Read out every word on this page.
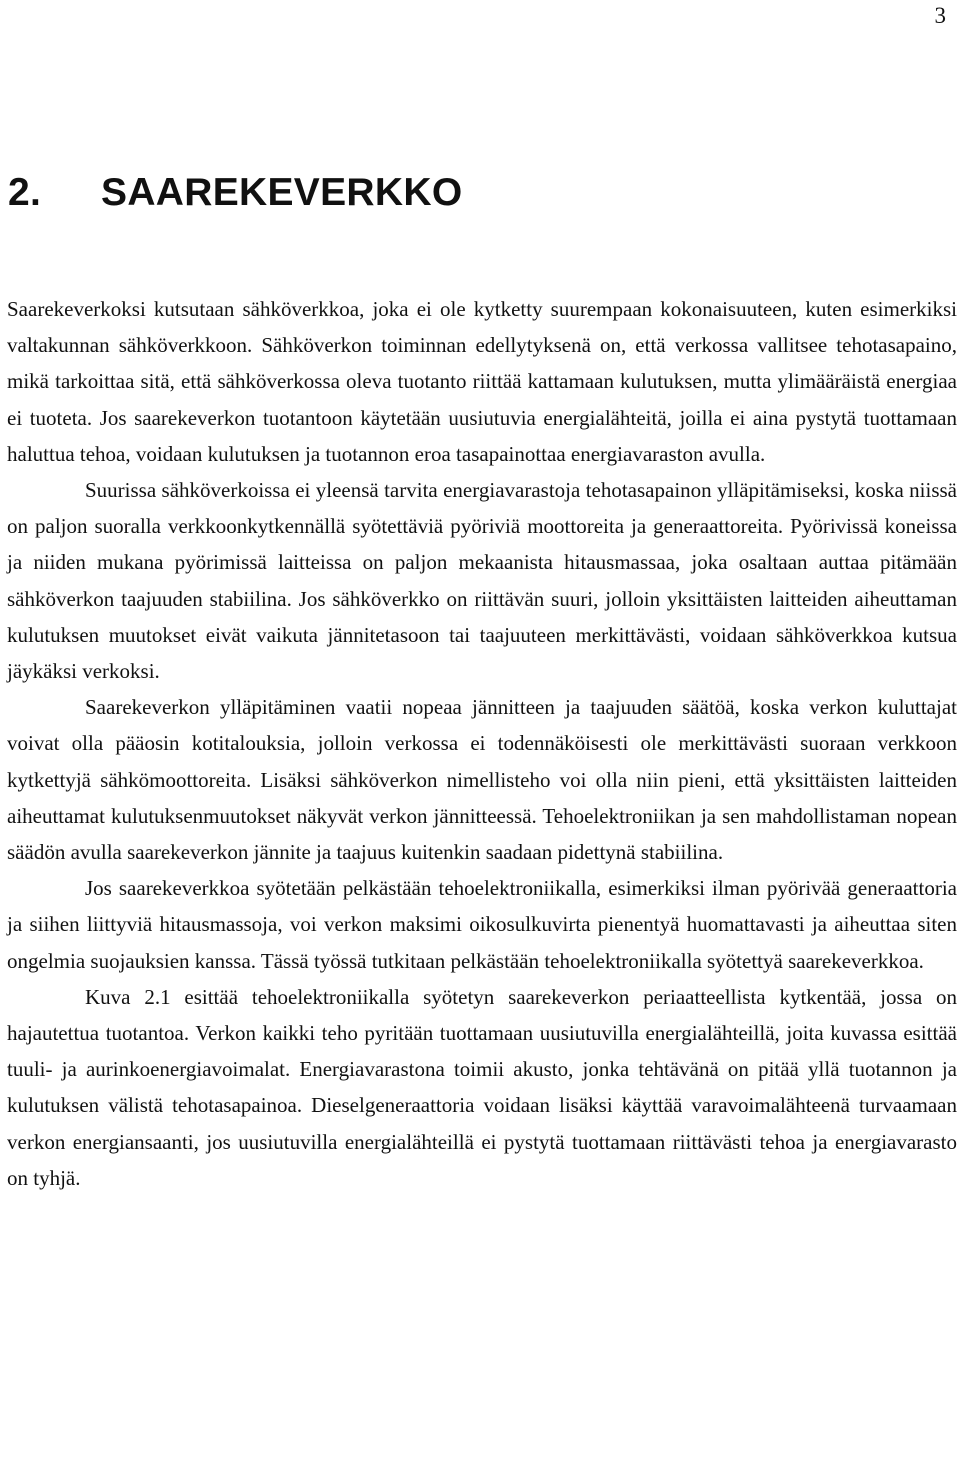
3
2. SAAREKEVERKKO

Saarekeverkoksi kutsutaan sähköverkkoa, joka ei ole kytketty suurempaan kokonaisuuteen, kuten esimerkiksi valtakunnan sähköverkkoon. Sähköverkon toiminnan edellytyksenä on, että verkossa vallitsee tehotasapaino, mikä tarkoittaa sitä, että sähköverkossa oleva tuotanto riittää kattamaan kulutuksen, mutta ylimääräistä energiaa ei tuoteta. Jos saarekeverkon tuotantoon käytetään uusiutuvia energialähteitä, joilla ei aina pystytä tuottamaan haluttua tehoa, voidaan kulutuksen ja tuotannon eroa tasapainottaa energiavaraston avulla.

Suurissa sähköverkoissa ei yleensä tarvita energiavarastoja tehotasapainon ylläpitämiseksi, koska niissä on paljon suoralla verkkoonkytkennällä syötettäviä pyöriviä moottoreita ja generaattoreita. Pyörivissä koneissa ja niiden mukana pyörimissä laitteissa on paljon mekaanista hitausmassaa, joka osaltaan auttaa pitämään sähköverkon taajuuden stabiilina. Jos sähköverkko on riittävän suuri, jolloin yksittäisten laitteiden aiheuttaman kulutuksen muutokset eivät vaikuta jännitetasoon tai taajuuteen merkittävästi, voidaan sähköverkkoa kutsua jäykäksi verkoksi.

Saarekeverkon ylläpitäminen vaatii nopeaa jännitteen ja taajuuden säätöä, koska verkon kuluttajat voivat olla pääosin kotitalouksia, jolloin verkossa ei todennäköisesti ole merkittävästi suoraan verkkoon kytkettyjä sähkömoottoreita. Lisäksi sähköverkon nimellisteho voi olla niin pieni, että yksittäisten laitteiden aiheuttamat kulutuksenmuutokset näkyvät verkon jännitteessä. Tehoelektroniikan ja sen mahdollistaman nopean säädön avulla saarekeverkon jännite ja taajuus kuitenkin saadaan pidettynä stabiilina.

Jos saarekeverkkoa syötetään pelkästään tehoelektroniikalla, esimerkiksi ilman pyörivää generaattoria ja siihen liittyviä hitausmassoja, voi verkon maksimi oikosulkuvirta pienentyä huomattavasti ja aiheuttaa siten ongelmia suojauksien kanssa. Tässä työssä tutkitaan pelkästään tehoelektroniikalla syötettyä saarekeverkkoa.

Kuva 2.1 esittää tehoelektroniikalla syötetyn saarekeverkon periaatteellista kytkentää, jossa on hajautettua tuotantoa. Verkon kaikki teho pyritään tuottamaan uusiutuvilla energialähteillä, joita kuvassa esittää tuuli- ja aurinkoenergiavoimalat. Energiavarastona toimii akusto, jonka tehtävänä on pitää yllä tuotannon ja kulutuksen välistä tehotasapainoa. Dieselgeneraattoria voidaan lisäksi käyttää varavoimalähteenä turvaamaan verkon energiansaanti, jos uusiutuvilla energialähteillä ei pystytä tuottamaan riittävästi tehoa ja energiavarasto on tyhjä.
